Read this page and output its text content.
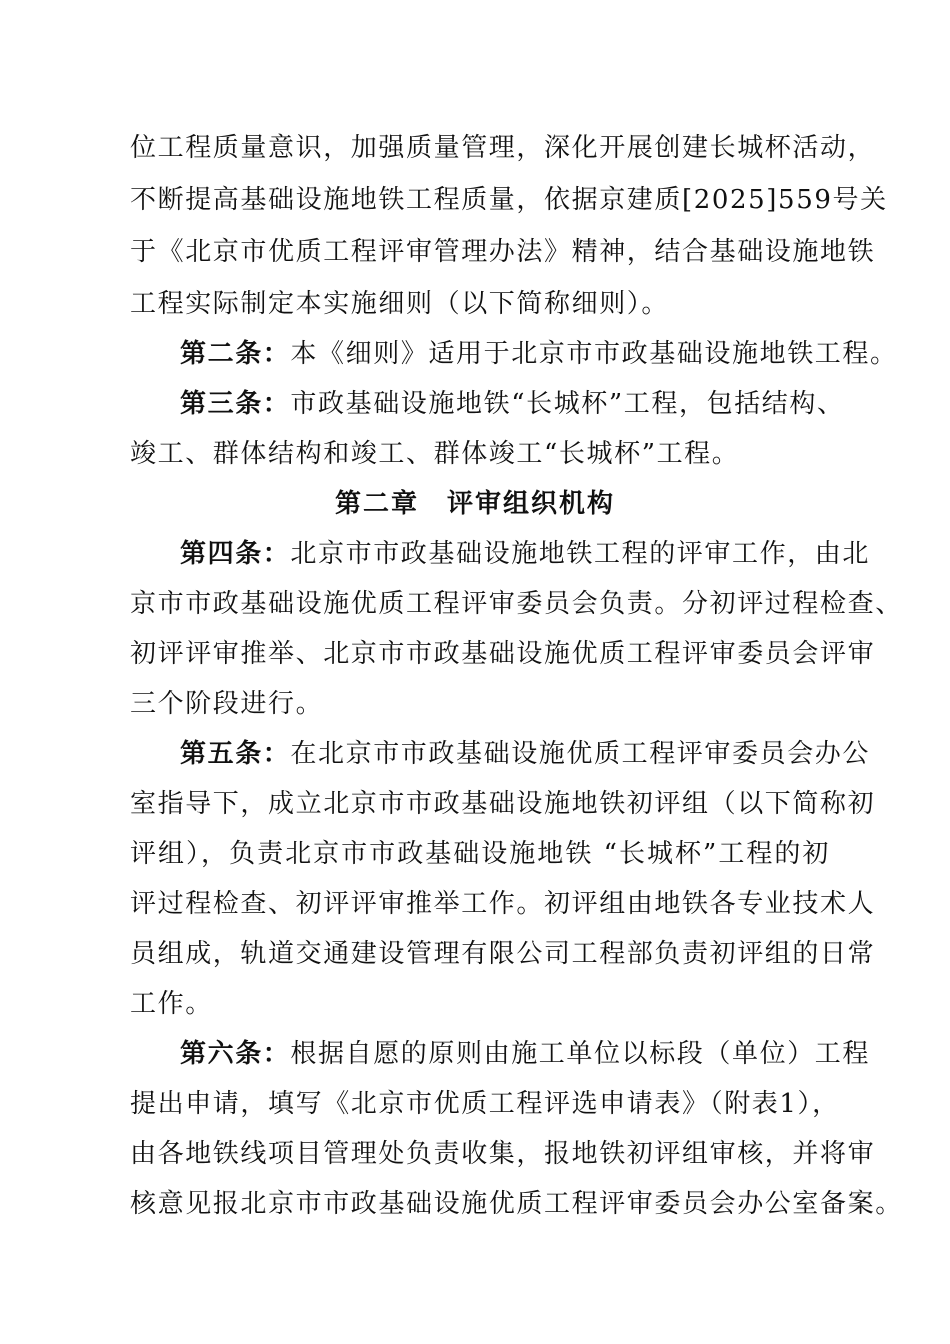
位工程质量意识，加强质量管理，深化开展创建长城杯活动，
不断提高基础设施地铁工程质量，依据京建质[2025]559号关
于《北京市优质工程评审管理办法》精神，结合基础设施地铁
工程实际制定本实施细则（以下简称细则）。
第二条：本《细则》适用于北京市市政基础设施地铁工程。
第三条：市政基础设施地铁“长城杯”工程，包括结构、
竣工、群体结构和竣工、群体竣工“长城杯”工程。
第二章　评审组织机构
第四条：北京市市政基础设施地铁工程的评审工作，由北
京市市政基础设施优质工程评审委员会负责。分初评过程检查、
初评评审推举、北京市市政基础设施优质工程评审委员会评审
三个阶段进行。
第五条：在北京市市政基础设施优质工程评审委员会办公
室指导下，成立北京市市政基础设施地铁初评组（以下简称初
评组），负责北京市市政基础设施地铁 “长城杯”工程的初
评过程检查、初评评审推举工作。初评组由地铁各专业技术人
员组成，轨道交通建设管理有限公司工程部负责初评组的日常
工作。
第六条：根据自愿的原则由施工单位以标段（单位）工程
提出申请，填写《北京市优质工程评选申请表》（附表1），
由各地铁线项目管理处负责收集，报地铁初评组审核，并将审
核意见报北京市市政基础设施优质工程评审委员会办公室备案。
